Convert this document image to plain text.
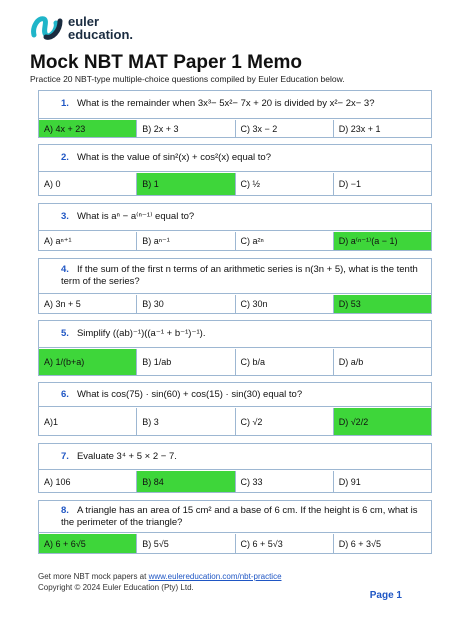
euler
education.
Mock NBT MAT Paper 1 Memo
Practice 20 NBT-type multiple-choice questions compiled by Euler Education below.
1. What is the remainder when 3x³− 5x²− 7x + 20 is divided by x²− 2x− 3?
A) 4x + 23	B) 2x + 3	C) 3x − 2	D) 23x + 1
2. What is the value of sin²(x) + cos²(x) equal to?
A) 0	B) 1	C) ½	D) −1
3. What is aⁿ − a⁽ⁿ⁻¹⁾ equal to?
A) aⁿ⁺¹	B) aⁿ⁻¹	C) a²ⁿ	D) a⁽ⁿ⁻¹⁾(a − 1)
4. If the sum of the first n terms of an arithmetic series is n(3n + 5), what is the tenth term of the series?
A) 3n + 5	B) 30	C) 30n	D) 53
5. Simplify ((ab)⁻¹)((a⁻¹ + b⁻¹)⁻¹).
A) 1/(b+a)	B) 1/ab	C) b/a	D) a/b
6. What is cos(75) · sin(60) + cos(15) · sin(30) equal to?
A)1	B) 3	C) √2	D) √2/2
7. Evaluate 3⁴ + 5 × 2 − 7.
A) 106	B) 84	C) 33	D) 91
8. A triangle has an area of 15 cm² and a base of 6 cm. If the height is 6 cm, what is the perimeter of the triangle?
A) 6 + 6√5	B) 5√5	C) 6 + 5√3	D) 6 + 3√5
Get more NBT mock papers at www.eulereducation.com/nbt-practice
Copyright © 2024 Euler Education (Pty) Ltd.
Page 1
